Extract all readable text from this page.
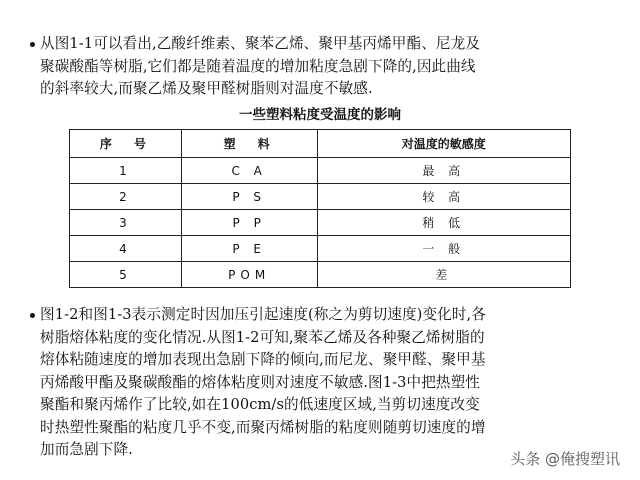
从图1-1可以看出,乙酸纤维素、聚苯乙烯、聚甲基丙烯甲酯、尼龙及
聚碳酸酯等树脂,它们都是随着温度的增加粘度急剧下降的,因此曲线
的斜率较大,而聚乙烯及聚甲醛树脂则对温度不敏感.
一些塑料粘度受温度的影响
序　号	塑　料	对温度的敏感度
1	C A	最 高
2	P S	较 高
3	P P	稍 低
4	P E	一 般
5	POM	差
图1-2和图1-3表示测定时因加压引起速度(称之为剪切速度)变化时,各
树脂熔体粘度的变化情况.从图1-2可知,聚苯乙烯及各种聚乙烯树脂的
熔体粘随速度的增加表现出急剧下降的倾向,而尼龙、聚甲醛、聚甲基
丙烯酸甲酯及聚碳酸酯的熔体粘度则对速度不敏感.图1-3中把热塑性
聚酯和聚丙烯作了比较,如在100cm/s的低速度区域,当剪切速度改变
时热塑性聚酯的粘度几乎不变,而聚丙烯树脂的粘度则随剪切速度的增
加而急剧下降.
头条 @俺搜塑讯
